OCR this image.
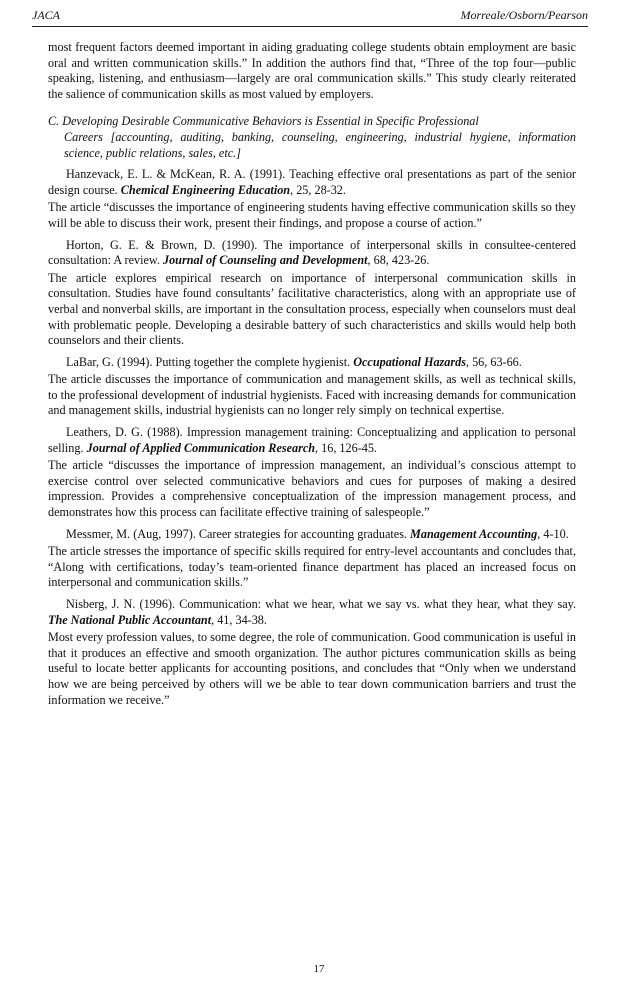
JACA	Morreale/Osborn/Pearson

most frequent factors deemed important in aiding graduating college students obtain employment are basic oral and written communication skills.” In addition the authors find that, “Three of the top four—public speaking, listening, and enthusiasm—largely are oral communication skills.” This study clearly reiterated the salience of communication skills as most valued by employers.

C. Developing Desirable Communicative Behaviors is Essential in Specific Professional
Careers [accounting, auditing, banking, counseling, engineering, industrial hygiene, information science, public relations, sales, etc.]

Hanzevack, E. L. & McKean, R. A. (1991). Teaching effective oral presentations as part of the senior design course. Chemical Engineering Education, 25, 28-32.

The article “discusses the importance of engineering students having effective communication skills so they will be able to discuss their work, present their findings, and propose a course of action.”

Horton, G. E. & Brown, D. (1990). The importance of interpersonal skills in consultee-centered consultation: A review. Journal of Counseling and Development, 68, 423-26.

The article explores empirical research on importance of interpersonal communication skills in consultation. Studies have found consultants’ facilitative characteristics, along with an appropriate use of verbal and nonverbal skills, are important in the consultation process, especially when counselors must deal with problematic people. Developing a desirable battery of such characteristics and skills would help both counselors and their clients.

LaBar, G. (1994). Putting together the complete hygienist. Occupational Hazards, 56, 63-66.

The article discusses the importance of communication and management skills, as well as technical skills, to the professional development of industrial hygienists. Faced with increasing demands for communication and management skills, industrial hygienists can no longer rely simply on technical expertise.

Leathers, D. G. (1988). Impression management training: Conceptualizing and application to personal selling. Journal of Applied Communication Research, 16, 126-45.

The article “discusses the importance of impression management, an individual’s conscious attempt to exercise control over selected communicative behaviors and cues for purposes of making a desired impression. Provides a comprehensive conceptualization of the impression management process, and demonstrates how this process can facilitate effective training of salespeople.”

Messmer, M. (Aug, 1997). Career strategies for accounting graduates. Management Accounting, 4-10.

The article stresses the importance of specific skills required for entry-level accountants and concludes that, “Along with certifications, today’s team-oriented finance department has placed an increased focus on interpersonal and communication skills.”

Nisberg, J. N. (1996). Communication: what we hear, what we say vs. what they hear, what they say. The National Public Accountant, 41, 34-38.

Most every profession values, to some degree, the role of communication. Good communication is useful in that it produces an effective and smooth organization. The author pictures communication skills as being useful to locate better applicants for accounting positions, and concludes that “Only when we understand how we are being perceived by others will we be able to tear down communication barriers and trust the information we receive.”

17
